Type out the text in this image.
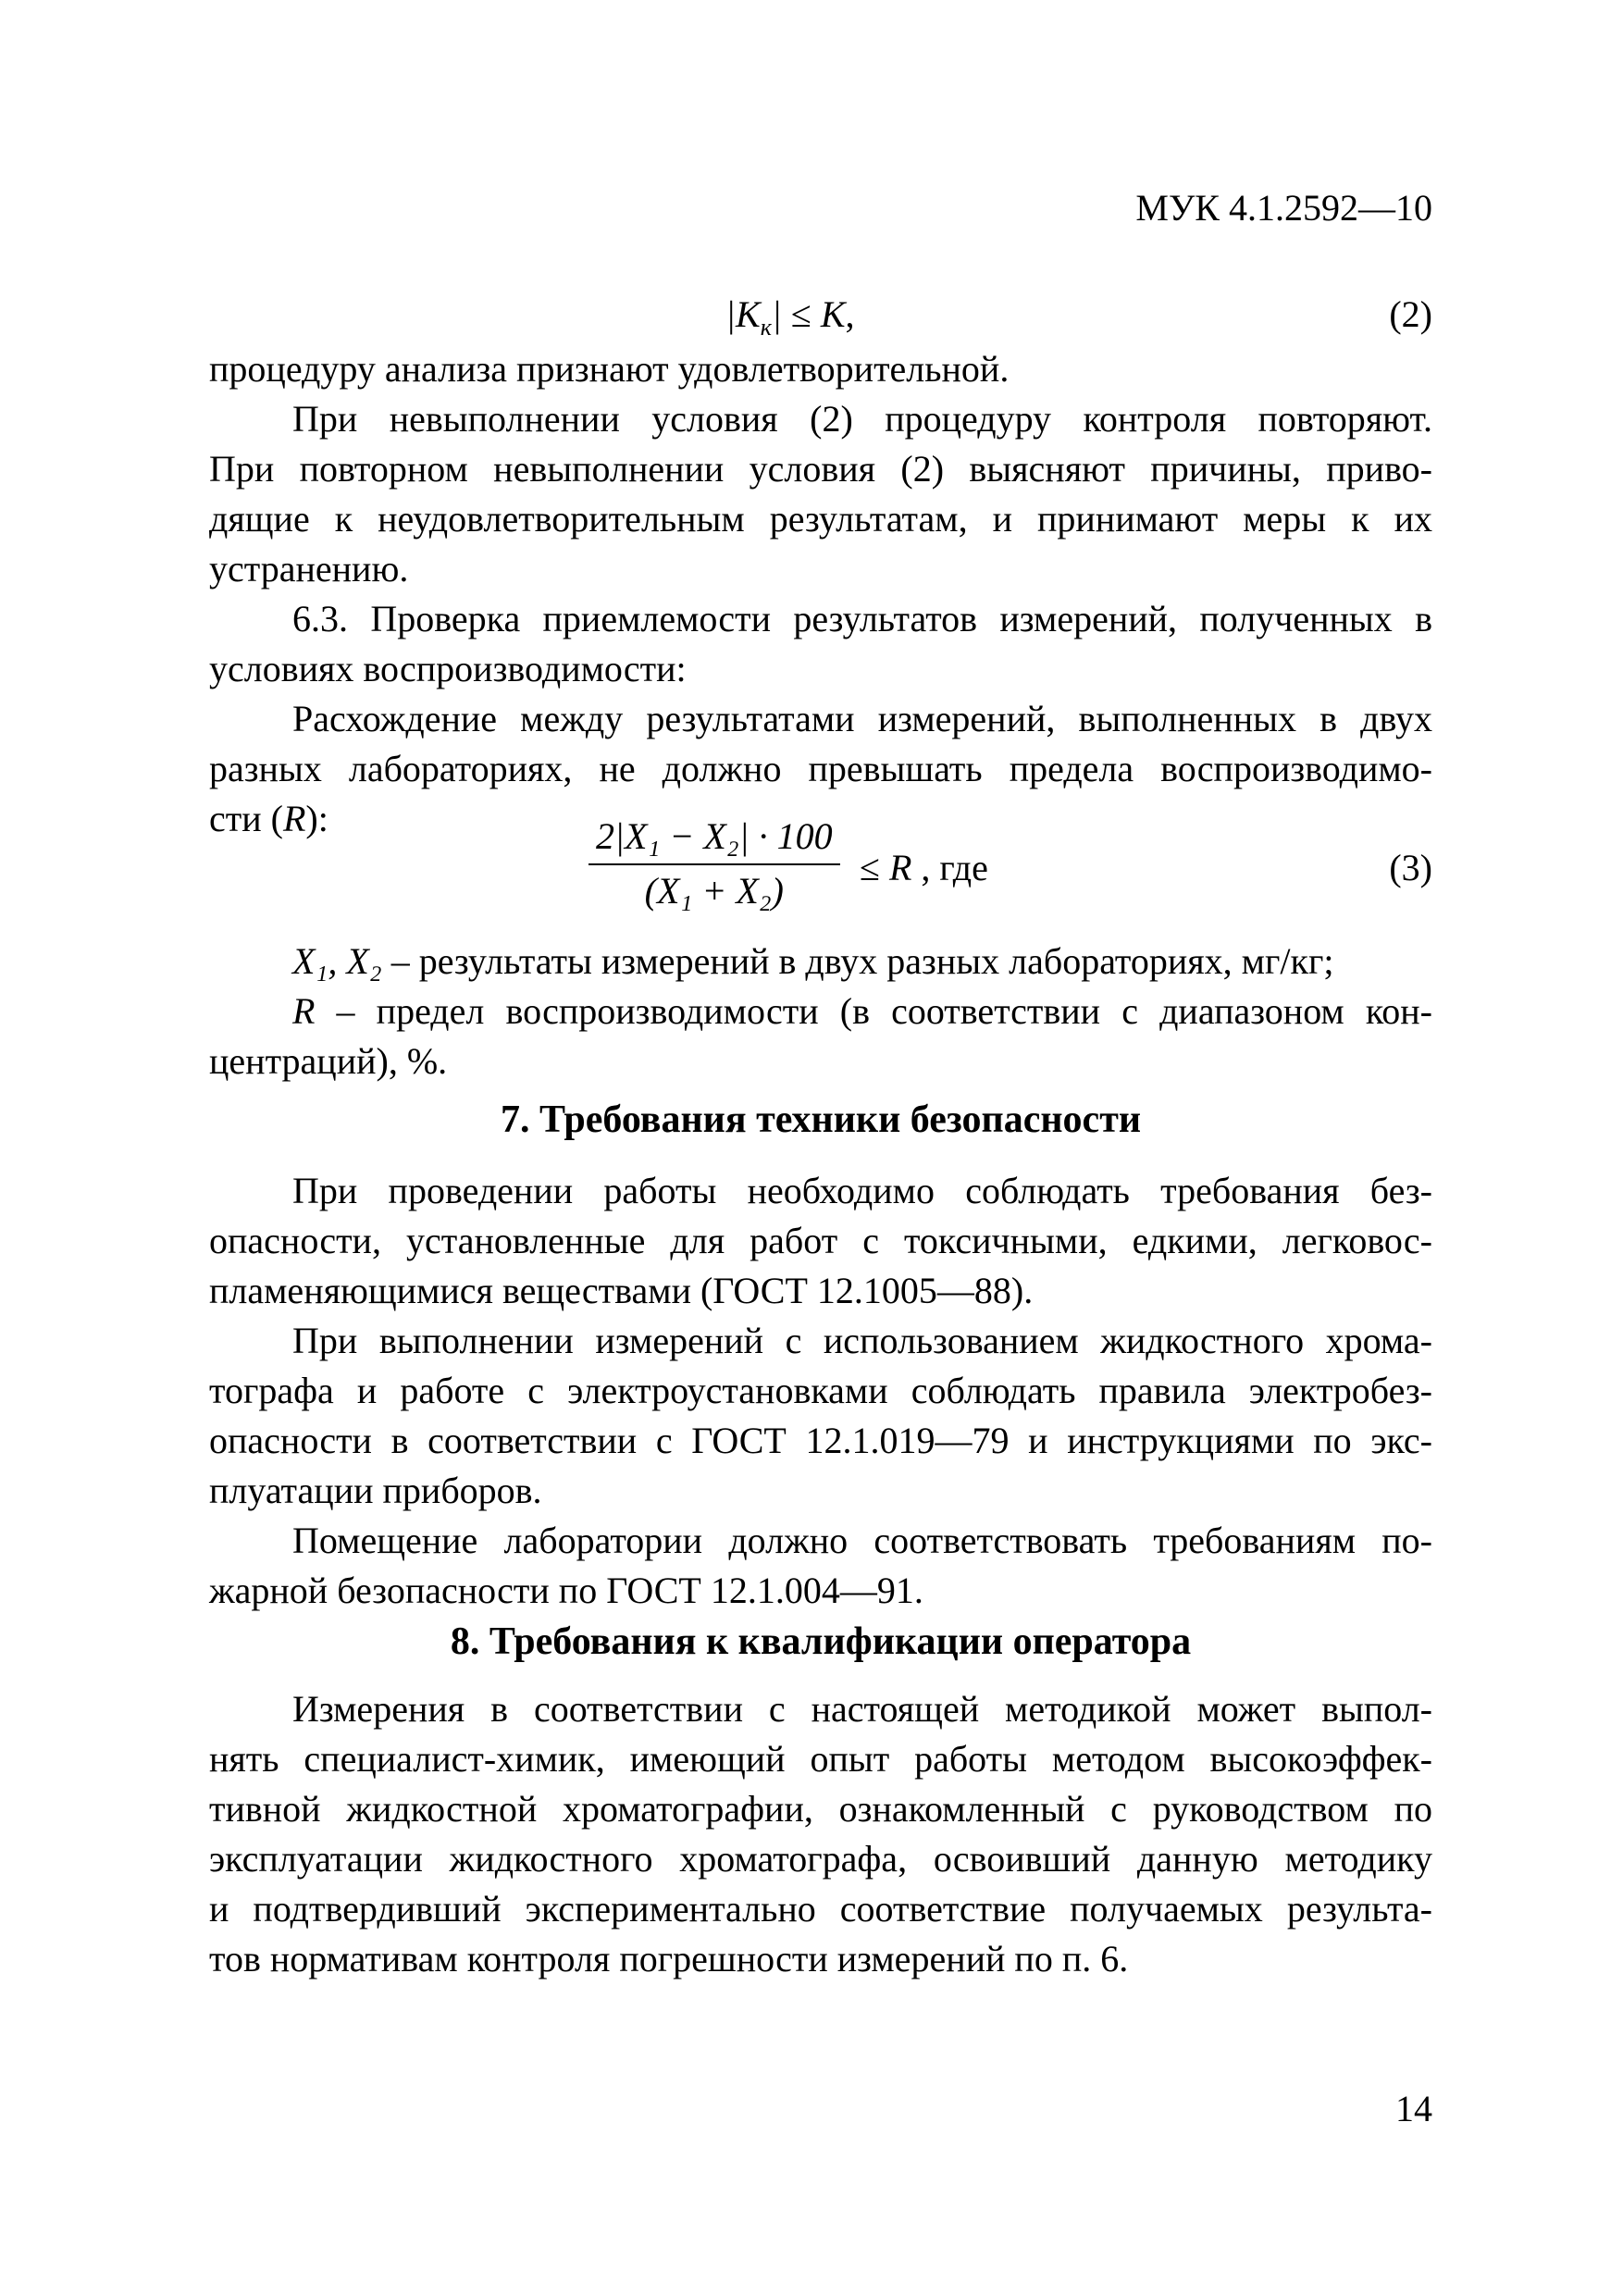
МУК 4.1.2592—10
$|K_к| \le K$,	(2)
процедуру анализа признают удовлетворительной.
При невыполнении условия (2) процедуру контроля повторяют.
При повторном невыполнении условия (2) выясняют причины, приво-
дящие к неудовлетворительным результатам, и принимают меры к их
устранению.
6.3. Проверка приемлемости результатов измерений, полученных в
условиях воспроизводимости:
Расхождение между результатами измерений, выполненных в двух
разных лабораториях, не должно превышать предела воспроизводимо-
сти (R):	$\frac{\text{2|X₁ − X₂| · 100}}{\text{(X₁ + X₂)}} \le R$ , где	(3)
X₁, X₂ – результаты измерений в двух разных лабораториях, мг/кг;
R – предел воспроизводимости (в соответствии с диапазоном кон-
центраций), %.
7. Требования техники безопасности
При проведении работы необходимо соблюдать требования без-
опасности, установленные для работ с токсичными, едкими, легковос-
пламеняющимися веществами (ГОСТ 12.1005—88).
При выполнении измерений с использованием жидкостного хрома-
тографа и работе с электроустановками соблюдать правила электробез-
опасности в соответствии с ГОСТ 12.1.019—79 и инструкциями по экс-
плуатации приборов.
Помещение лаборатории должно соответствовать требованиям по-
жарной безопасности по ГОСТ 12.1.004—91.
8. Требования к квалификации оператора
Измерения в соответствии с настоящей методикой может выпол-
нять специалист-химик, имеющий опыт работы методом высокоэффек-
тивной жидкостной хроматографии, ознакомленный с руководством по
эксплуатации жидкостного хроматографа, освоивший данную методику
и подтвердивший экспериментально соответствие получаемых результа-
тов нормативам контроля погрешности измерений по п. 6.
14
